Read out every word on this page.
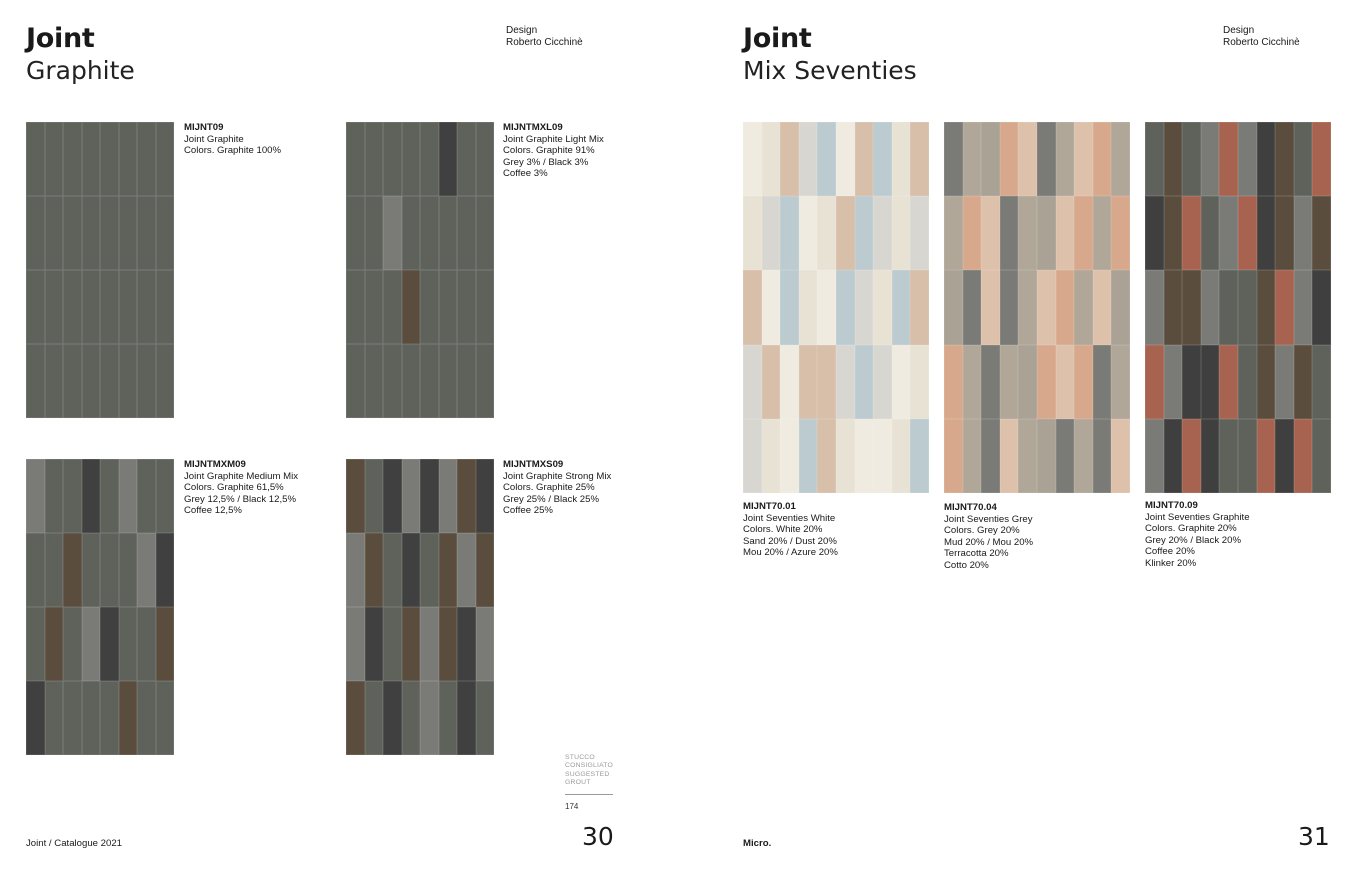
Joint
Graphite
Design
Roberto Cicchinè
MIJNT09
Joint Graphite
Colors. Graphite 100%
MIJNTMXL09
Joint Graphite Light Mix
Colors. Graphite 91%
Grey 3% / Black 3%
Coffee 3%
MIJNTMXM09
Joint Graphite Medium Mix
Colors. Graphite 61,5%
Grey 12,5% / Black 12,5%
Coffee 12,5%
MIJNTMXS09
Joint Graphite Strong Mix
Colors. Graphite 25%
Grey 25% / Black 25%
Coffee 25%
STUCCO
CONSIGLIATO
SUGGESTED
GROUT
174
Joint / Catalogue 2021	30
Joint
Mix Seventies
Design
Roberto Cicchinè
MIJNT70.01
Joint Seventies White
Colors. White 20%
Sand 20% / Dust 20%
Mou 20% / Azure 20%
MIJNT70.04
Joint Seventies Grey
Colors. Grey 20%
Mud 20% / Mou 20%
Terracotta 20%
Cotto 20%
MIJNT70.09
Joint Seventies Graphite
Colors. Graphite 20%
Grey 20% / Black 20%
Coffee 20%
Klinker 20%
Micro.	31
